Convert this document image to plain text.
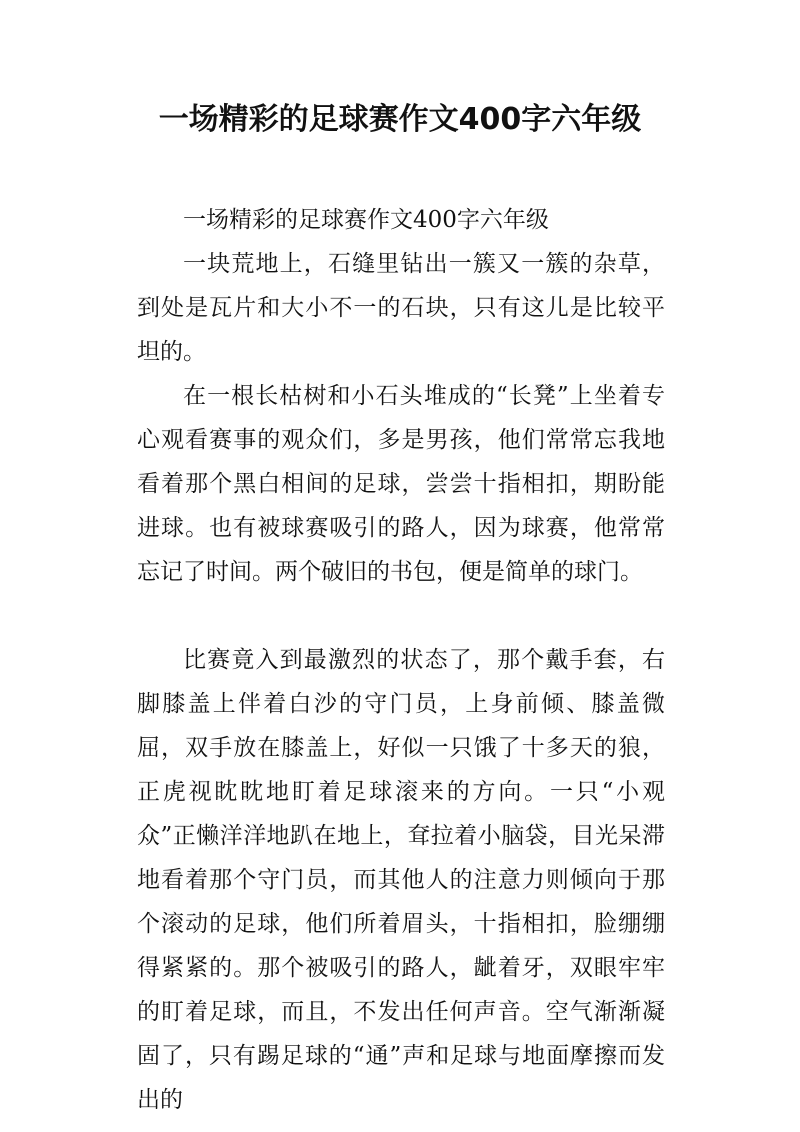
一场精彩的足球赛作文400字六年级

一场精彩的足球赛作文400字六年级

一块荒地上，石缝里钻出一簇又一簇的杂草，到处是瓦片和大小不一的石块，只有这儿是比较平坦的。

在一根长枯树和小石头堆成的“长凳”上坐着专心观看赛事的观众们，多是男孩，他们常常忘我地看着那个黑白相间的足球，尝尝十指相扣，期盼能进球。也有被球赛吸引的路人，因为球赛，他常常忘记了时间。两个破旧的书包，便是简单的球门。

比赛竟入到最激烈的状态了，那个戴手套，右脚膝盖上伴着白沙的守门员，上身前倾、膝盖微屈，双手放在膝盖上，好似一只饿了十多天的狼，正虎视眈眈地盯着足球滚来的方向。一只“小观众”正懒洋洋地趴在地上，耷拉着小脑袋，目光呆滞地看着那个守门员，而其他人的注意力则倾向于那个滚动的足球，他们所着眉头，十指相扣，脸绷绷得紧紧的。那个被吸引的路人，龇着牙，双眼牢牢的盯着足球，而且，不发出任何声音。空气渐渐凝固了，只有踢足球的“通”声和足球与地面摩擦而发出的
